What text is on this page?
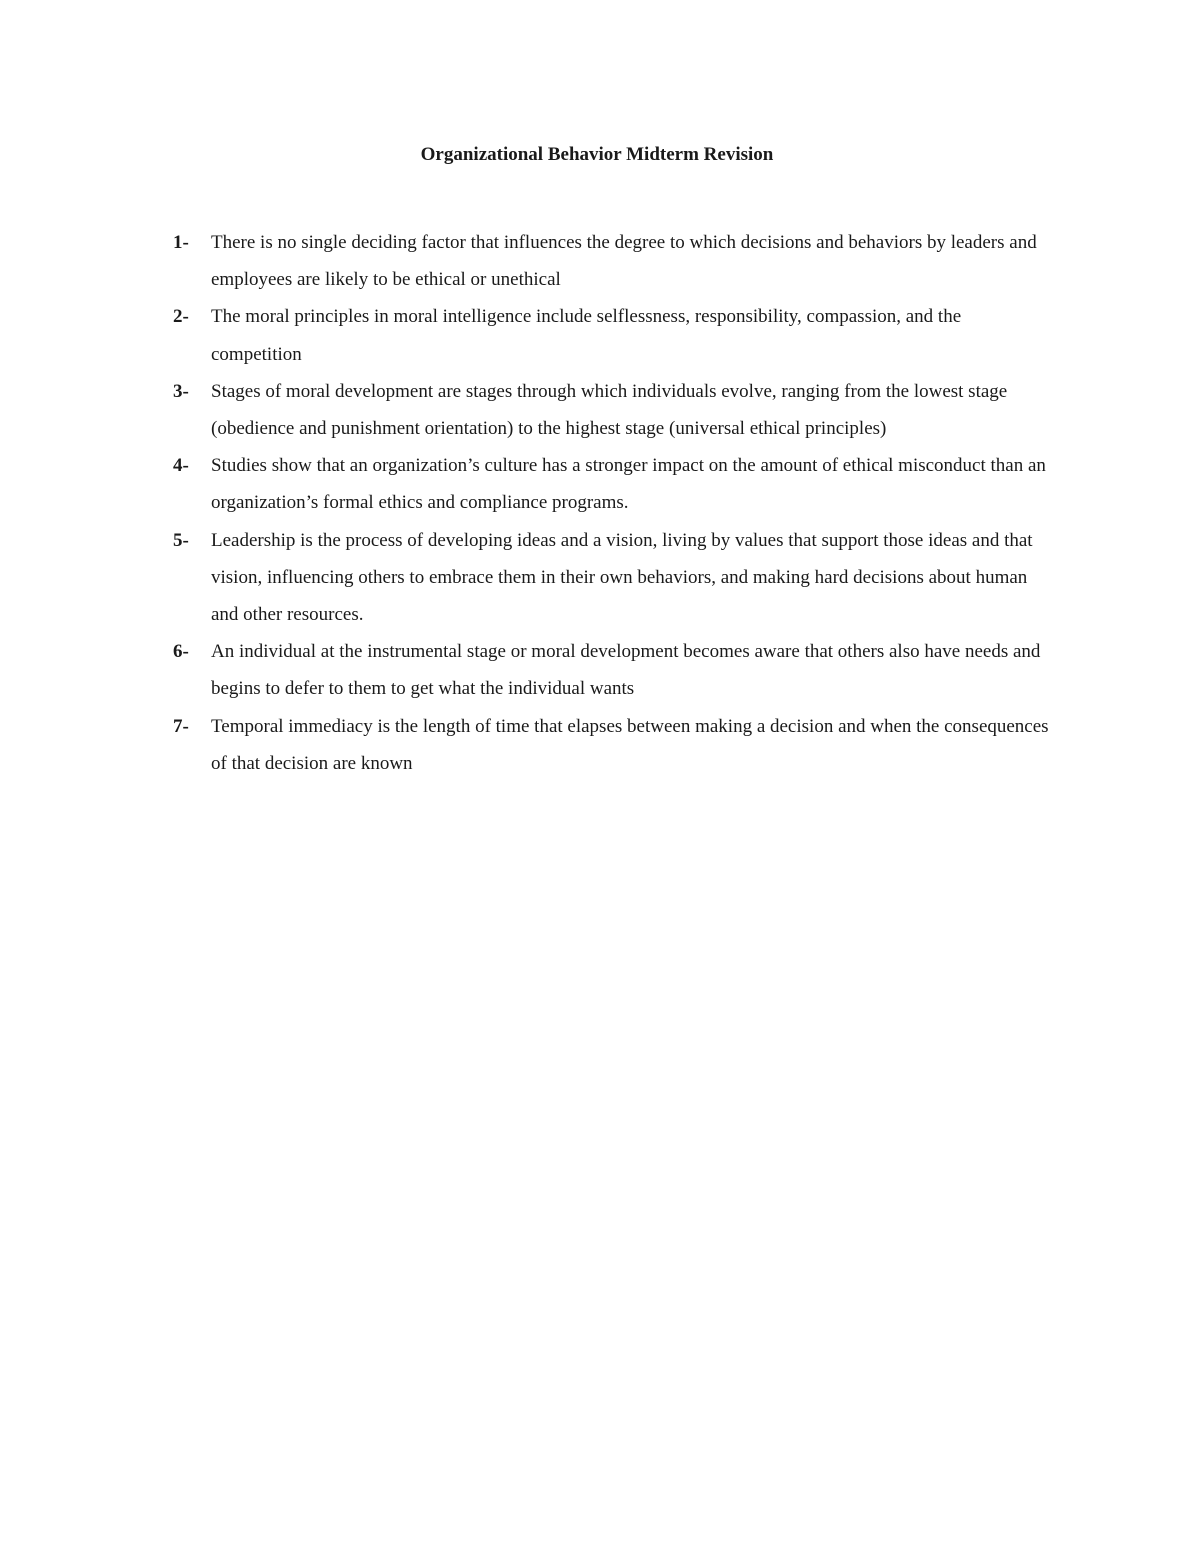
Organizational Behavior Midterm Revision
1- There is no single deciding factor that influences the degree to which decisions and behaviors by leaders and employees are likely to be ethical or unethical
2- The moral principles in moral intelligence include selflessness, responsibility, compassion, and the competition
3- Stages of moral development are stages through which individuals evolve, ranging from the lowest stage (obedience and punishment orientation) to the highest stage (universal ethical principles)
4- Studies show that an organization’s culture has a stronger impact on the amount of ethical misconduct than an organization’s formal ethics and compliance programs.
5- Leadership is the process of developing ideas and a vision, living by values that support those ideas and that vision, influencing others to embrace them in their own behaviors, and making hard decisions about human and other resources.
6- An individual at the instrumental stage or moral development becomes aware that others also have needs and begins to defer to them to get what the individual wants
7- Temporal immediacy is the length of time that elapses between making a decision and when the consequences of that decision are known
